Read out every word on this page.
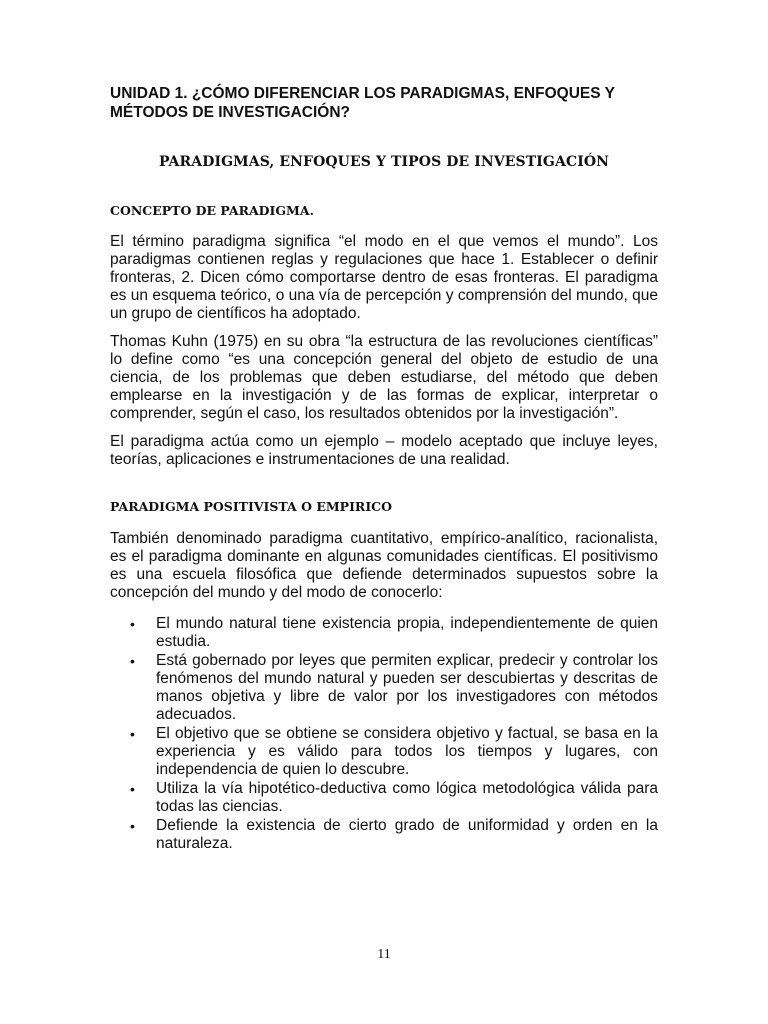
UNIDAD 1. ¿CÓMO DIFERENCIAR LOS PARADIGMAS, ENFOQUES Y MÉTODOS DE INVESTIGACIÓN?
PARADIGMAS, ENFOQUES Y TIPOS DE INVESTIGACIÓN
CONCEPTO DE PARADIGMA.

El término paradigma significa “el modo en el que vemos el mundo”. Los paradigmas contienen reglas y regulaciones que hace 1. Establecer o definir fronteras, 2. Dicen cómo comportarse dentro de esas fronteras. El paradigma es un esquema teórico, o una vía de percepción y comprensión del mundo, que un grupo de científicos ha adoptado.

Thomas Kuhn (1975) en su obra “la estructura de las revoluciones científicas” lo define como “es una concepción general del objeto de estudio de una ciencia, de los problemas que deben estudiarse, del método que deben emplearse en la investigación y de las formas de explicar, interpretar o comprender, según el caso, los resultados obtenidos por la investigación”.

El paradigma actúa como un ejemplo – modelo aceptado que incluye leyes, teorías, aplicaciones e instrumentaciones de una realidad.

PARADIGMA POSITIVISTA O EMPIRICO

También denominado paradigma cuantitativo, empírico-analítico, racionalista, es el paradigma dominante en algunas comunidades científicas. El positivismo es una escuela filosófica que defiende determinados supuestos sobre la concepción del mundo y del modo de conocerlo:

• El mundo natural tiene existencia propia, independientemente de quien estudia.
• Está gobernado por leyes que permiten explicar, predecir y controlar los fenómenos del mundo natural y pueden ser descubiertas y descritas de manos objetiva y libre de valor por los investigadores con métodos adecuados.
• El objetivo que se obtiene se considera objetivo y factual, se basa en la experiencia y es válido para todos los tiempos y lugares, con independencia de quien lo descubre.
• Utiliza la vía hipotético-deductiva como lógica metodológica válida para todas las ciencias.
• Defiende la existencia de cierto grado de uniformidad y orden en la naturaleza.

11
